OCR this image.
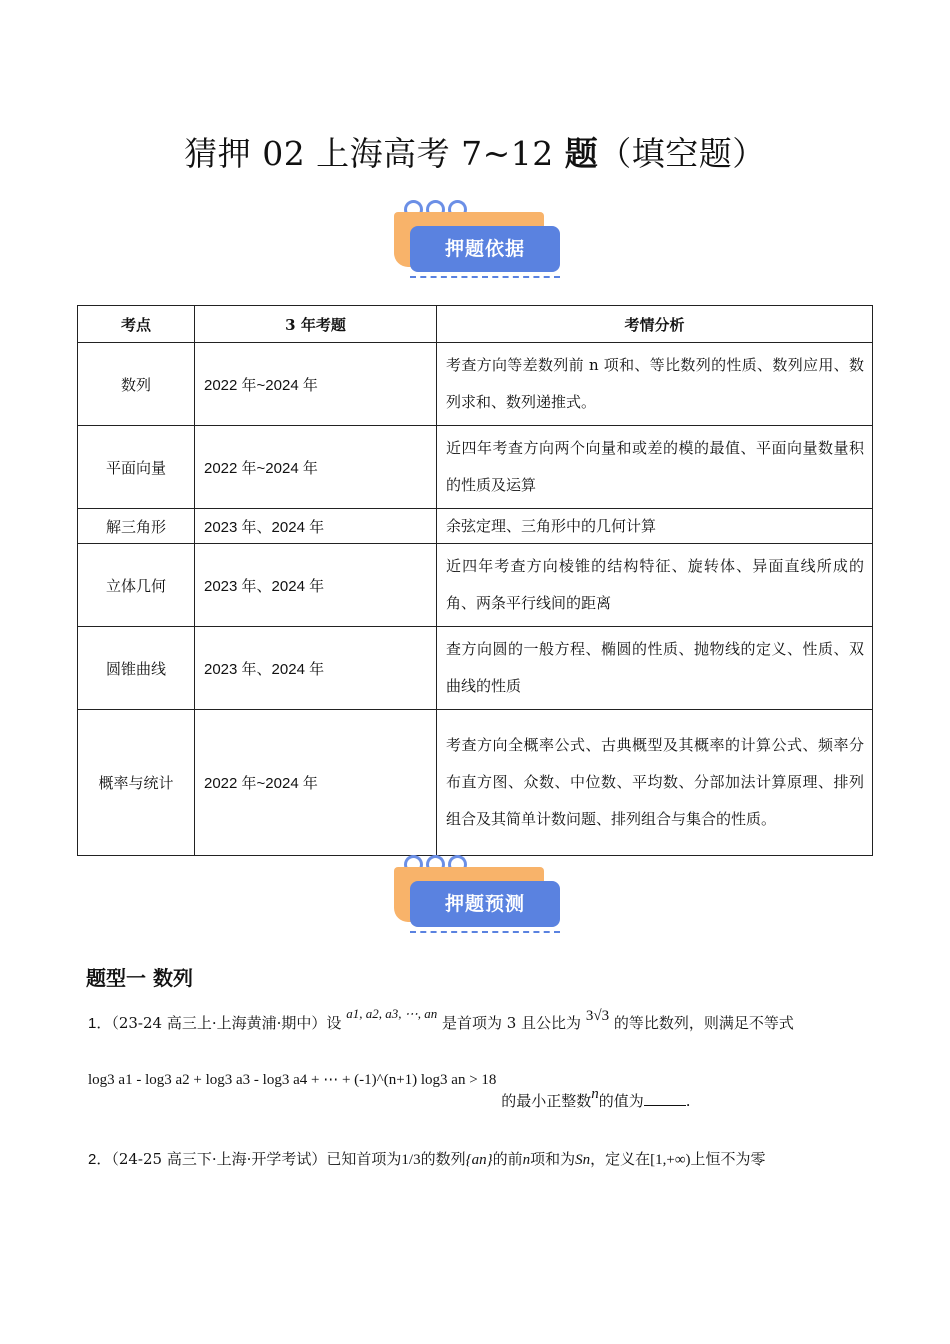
猜押 02 上海高考 7~12 题（填空题）
押题依据
考点	3 年考题	考情分析
数列	2022 年~2024 年	考查方向等差数列前 n 项和、等比数列的性质、数列应用、数列求和、数列递推式。
平面向量	2022 年~2024 年	近四年考查方向两个向量和或差的模的最值、平面向量数量积的性质及运算
解三角形	2023 年、2024 年	余弦定理、三角形中的几何计算
立体几何	2023 年、2024 年	近四年考查方向棱锥的结构特征、旋转体、异面直线所成的角、两条平行线间的距离
圆锥曲线	2023 年、2024 年	查方向圆的一般方程、椭圆的性质、抛物线的定义、性质、双曲线的性质
概率与统计	2022 年~2024 年	考查方向全概率公式、古典概型及其概率的计算公式、频率分布直方图、众数、中位数、平均数、分部加法计算原理、排列组合及其简单计数问题、排列组合与集合的性质。
押题预测
题型一 数列
1．（23-24 高三上·上海黄浦·期中）设 a1, a2, a3, ⋯, an 是首项为 3 且公比为 3√3 的等比数列，则满足不等式
log3 a1 - log3 a2 + log3 a3 - log3 a4 + ⋯ + (-1)^(n+1) log3 an > 18 的最小正整数n的值为	.
2．（24-25 高三下·上海·开学考试）已知首项为1/3的数列{an}的前n项和为Sn，定义在[1,+∞)上恒不为零
